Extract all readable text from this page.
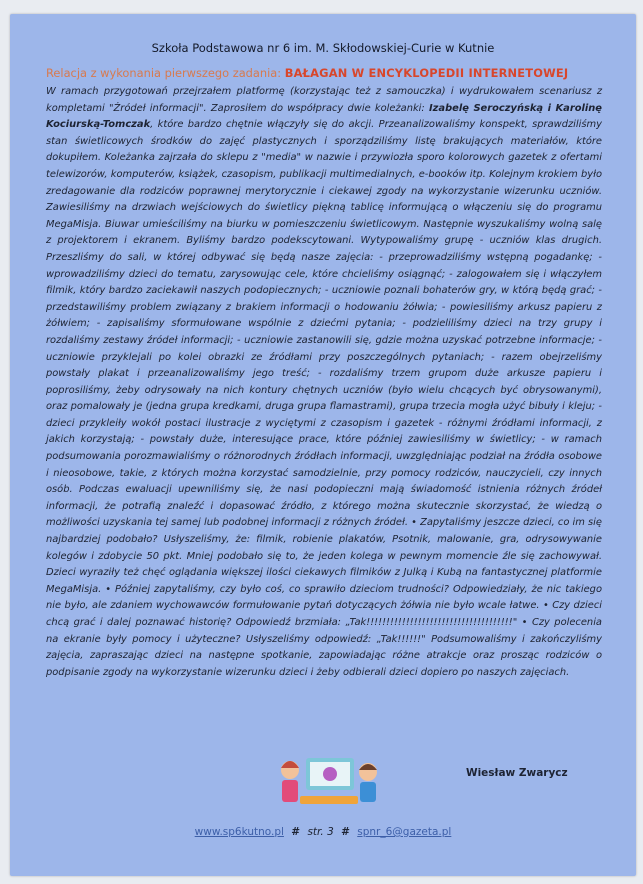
Szkoła Podstawowa nr 6 im. M. Skłodowskiej-Curie w Kutnie
Relacja z wykonania pierwszego zadania: BAŁAGAN W ENCYKLOPEDII INTERNETOWEJ
W ramach przygotowań przejrzałem platformę (korzystając też z samouczka) i wydrukowałem scenariusz z kompletami "Źródeł informacji". Zaprosiłem do współpracy dwie koleżanki: Izabelę Seroczyńską i Karolinę Kociurską-Tomczak, które bardzo chętnie włączyły się do akcji. Przeanalizowaliśmy konspekt, sprawdziliśmy stan świetlicowych środków do zajęć plastycznych i sporządziliśmy listę brakujących materiałów, które dokupiłem. Koleżanka zajrzała do sklepu z "media" w nazwie i przywiozła sporo kolorowych gazetek z ofertami telewizorów, komputerów, książek, czasopism, publikacji multimedialnych, e-booków itp. Kolejnym krokiem było zredagowanie dla rodziców poprawnej merytorycznie i ciekawej zgody na wykorzystanie wizerunku uczniów. Zawiesiliśmy na drzwiach wejściowych do świetlicy piękną tablicę informującą o włączeniu się do programu MegaMisja. Biuwar umieściliśmy na biurku w pomieszczeniu świetlicowym. Następnie wyszukaliśmy wolną salę z projektorem i ekranem. Byliśmy bardzo podekscytowani. Wytypowaliśmy grupę - uczniów klas drugich. Przeszliśmy do sali, w której odbywać się będą nasze zajęcia: - przeprowadziliśmy wstępną pogadankę; - wprowadziliśmy dzieci do tematu, zarysowując cele, które chcieliśmy osiągnąć; - zalogowałem się i włączyłem filmik, który bardzo zaciekawił naszych podopiecznych; - uczniowie poznali bohaterów gry, w którą będą grać; - przedstawiliśmy problem związany z brakiem informacji o hodowaniu żółwia; - powiesiliśmy arkusz papieru z żółwiem; - zapisaliśmy sformułowane wspólnie z dziećmi pytania; - podzieliliśmy dzieci na trzy grupy i rozdaliśmy zestawy źródeł informacji; - uczniowie zastanowili się, gdzie można uzyskać potrzebne informacje; - uczniowie przyklejali po kolei obrazki ze źródłami przy poszczególnych pytaniach; - razem obejrzeliśmy powstały plakat i przeanalizowaliśmy jego treść; - rozdaliśmy trzem grupom duże arkusze papieru i poprosiliśmy, żeby odrysowały na nich kontury chętnych uczniów (było wielu chcących być obrysowanymi), oraz pomalowały je (jedna grupa kredkami, druga grupa flamastrami), grupa trzecia mogła użyć bibuły i kleju; - dzieci przykleiły wokół postaci ilustracje z wyciętymi z czasopism i gazetek - różnymi źródłami informacji, z jakich korzystają; - powstały duże, interesujące prace, które później zawiesiliśmy w świetlicy; - w ramach podsumowania porozmawialiśmy o różnorodnych źródłach informacji, uwzględniając podział na źródła osobowe i nieosobowe, takie, z których można korzystać samodzielnie, przy pomocy rodziców, nauczycieli, czy innych osób. Podczas ewaluacji upewniliśmy się, że nasi podopieczni mają świadomość istnienia różnych źródeł informacji, że potrafią znaleźć i dopasować źródło, z którego można skutecznie skorzystać, że wiedzą o możliwości uzyskania tej samej lub podobnej informacji z różnych źródeł. • Zapytaliśmy jeszcze dzieci, co im się najbardziej podobało? Usłyszeliśmy, że: filmik, robienie plakatów, Psotnik, malowanie, gra, odrysowywanie kolegów i zdobycie 50 pkt. Mniej podobało się to, że jeden kolega w pewnym momencie źle się zachowywał. Dzieci wyraziły też chęć oglądania większej ilości ciekawych filmików z Julką i Kubą na fantastycznej platformie MegaMisja. • Później zapytaliśmy, czy było coś, co sprawiło dzieciom trudności? Odpowiedziały, że nic takiego nie było, ale zdaniem wychowawców formułowanie pytań dotyczących żółwia nie było wcale łatwe. • Czy dzieci chcą grać i dalej poznawać historię? Odpowiedź brzmiała: „Tak!!!!!!!!!!!!!!!!!!!!!!!!!!!!!!!!!!!!!" • Czy polecenia na ekranie były pomocy i użyteczne? Usłyszeliśmy odpowiedź: „Tak!!!!!!" Podsumowaliśmy i zakończyliśmy zajęcia, zapraszając dzieci na następne spotkanie, zapowiadając różne atrakcje oraz prosząc rodziców o podpisanie zgody na wykorzystanie wizerunku dzieci i żeby odbierali dzieci dopiero po naszych zajęciach.
Wiesław Zwarycz
www.sp6kutno.pl # str. 3 # spnr_6@gazeta.pl
